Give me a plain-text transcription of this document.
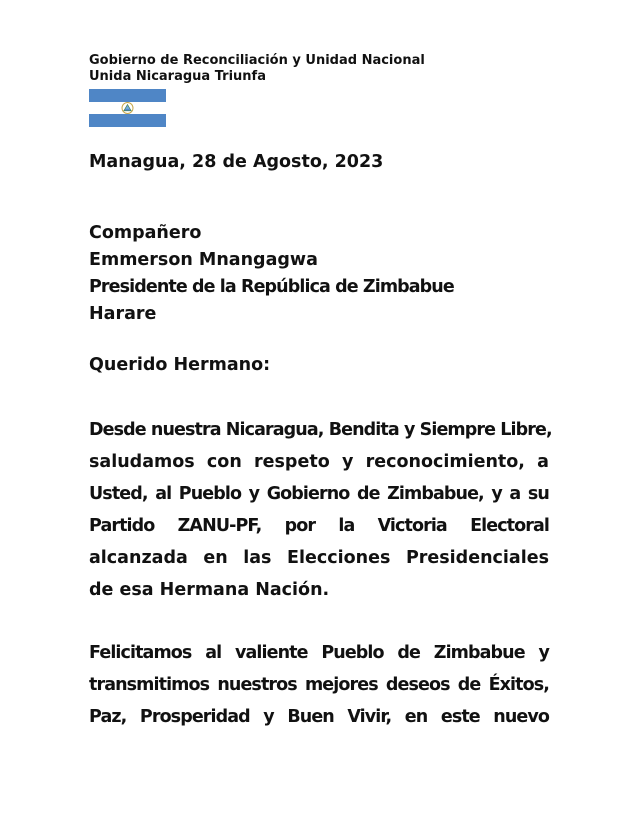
Gobierno de Reconciliación y Unidad Nacional
Unida Nicaragua Triunfa
Managua, 28 de Agosto, 2023
Compañero
Emmerson Mnangagwa
Presidente de la República de Zimbabue
Harare
Querido Hermano:
Desde nuestra Nicaragua, Bendita y Siempre Libre,
saludamos con respeto y reconocimiento, a
Usted, al Pueblo y Gobierno de Zimbabue, y a su
Partido ZANU-PF, por la Victoria Electoral
alcanzada en las Elecciones Presidenciales
de esa Hermana Nación.
Felicitamos al valiente Pueblo de Zimbabue y
transmitimos nuestros mejores deseos de Éxitos,
Paz, Prosperidad y Buen Vivir, en este nuevo
